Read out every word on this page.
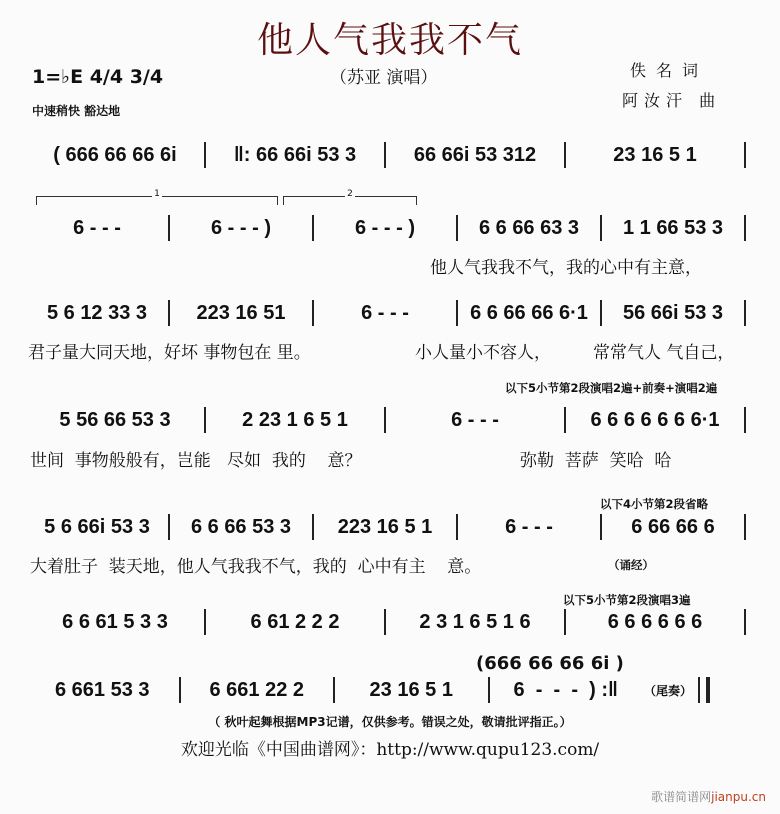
他人气我我不气
（苏亚 演唱）	佚名词
阿汝汗 曲
1=♭E 4/4 3/4
中速稍快 豁达地
( 666 66 66 6i	‖: 66 66i 53 3	66 66i 53 312	23 16 5 1
6 - - -	6 - - - )	6 - - - )	6 6 66 63 3	1 1 66 53 3
5 6 12 33 3	223 16 51	6 - - -	6 6 66 66 6·1	56 66i 53 3
5 56 66 53 3	2 23 1 6 5 1	6 - - -	6 6 6 6 6 6 6·1
5 6 66i 53 3	6 6 66 53 3	223 16 5 1	6 - - -	6 66 66 6
6 6 61 5 3 3	6 61 2 2 2	2 3 1 6 5 1 6	6 6 6 6 6 6
6 661 53 3	6 661 22 2	23 16 5 1	6  -  -  -  ) :‖	（尾奏）
1	2
他人气我我不气，我的心中有主意，
君子量大同天地，好坏 事物包在 里。	小人量小不容人， 常常气人 气自己，
以下5小节第2段演唱2遍+前奏+演唱2遍
世间  事物般般有，岂能   尽如  我的    意？	弥勒  菩萨  笑哈  哈
以下4小节第2段省略
大着肚子  装天地，他人气我我不气，我的  心中有主    意。	（诵经）
以下5小节第2段演唱3遍
(666 66 66 6i )
（ 秋叶起舞根据MP3记谱，仅供参考。错误之处，敬请批评指正。）
欢迎光临《中国曲谱网》：http://www.qupu123.com/
歌谱简谱网jianpu.cn
